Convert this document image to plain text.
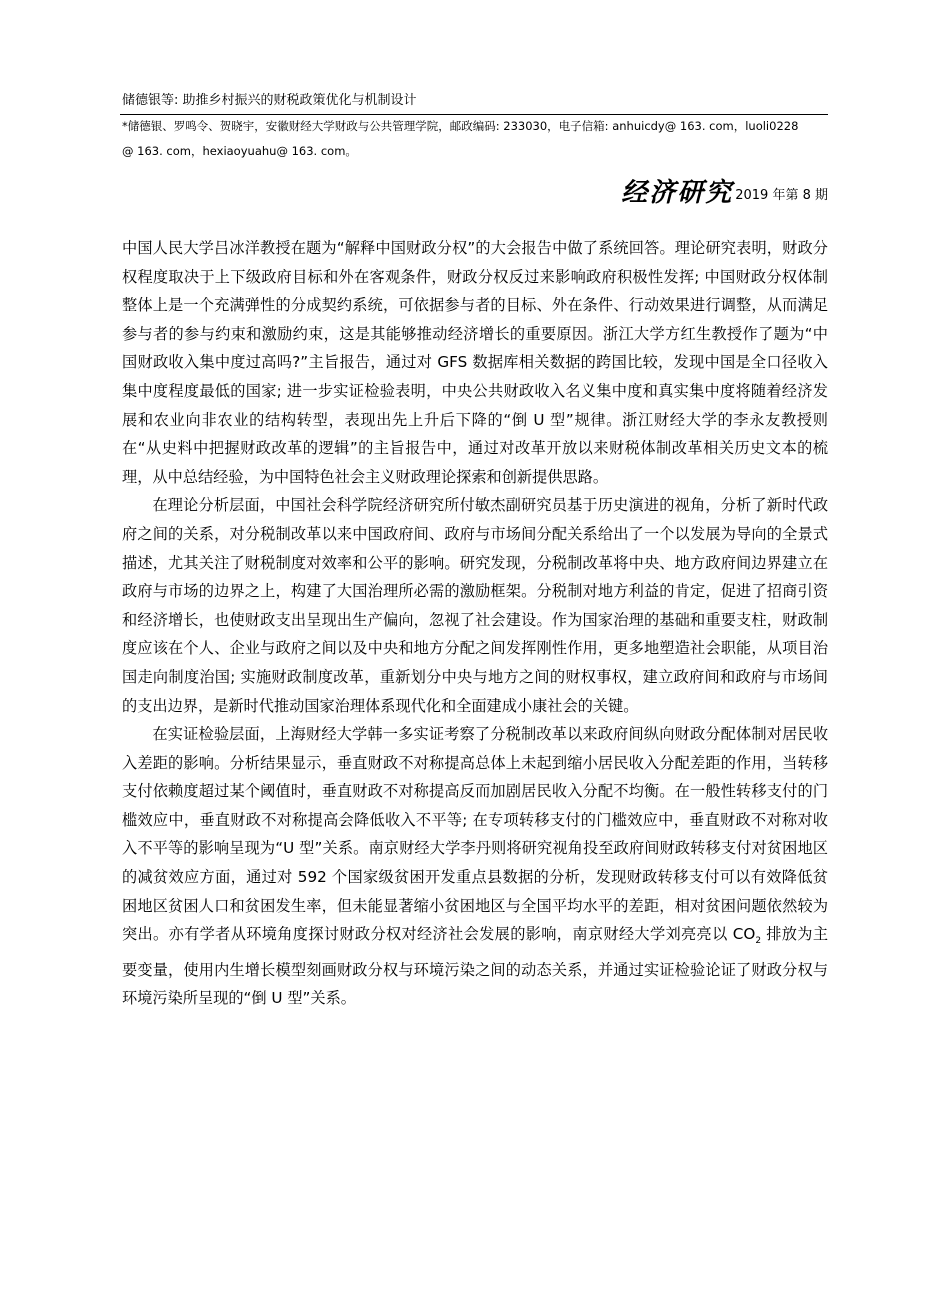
储德银等: 助推乡村振兴的财税政策优化与机制设计

*储德银、罗鸣令、贺晓宇，安徽财经大学财政与公共管理学院，邮政编码: 233030，电子信箱: anhuicdy@ 163. com，luoli0228

@ 163. com，hexiaoyuahu@ 163. com。

经济研究 2019 年第 8 期

中国人民大学吕冰洋教授在题为“解释中国财政分权”的大会报告中做了系统回答。理论研究表明，财政分权程度取决于上下级政府目标和外在客观条件，财政分权反过来影响政府积极性发挥; 中国财政分权体制整体上是一个充满弹性的分成契约系统，可依据参与者的目标、外在条件、行动效果进行调整，从而满足参与者的参与约束和激励约束，这是其能够推动经济增长的重要原因。浙江大学方红生教授作了题为“中国财政收入集中度过高吗?”主旨报告，通过对 GFS 数据库相关数据的跨国比较，发现中国是全口径收入集中度程度最低的国家; 进一步实证检验表明，中央公共财政收入名义集中度和真实集中度将随着经济发展和农业向非农业的结构转型，表现出先上升后下降的“倒 U 型”规律。浙江财经大学的李永友教授则在“从史料中把握财政改革的逻辑”的主旨报告中，通过对改革开放以来财税体制改革相关历史文本的梳理，从中总结经验，为中国特色社会主义财政理论探索和创新提供思路。

在理论分析层面，中国社会科学院经济研究所付敏杰副研究员基于历史演进的视角，分析了新时代政府之间的关系，对分税制改革以来中国政府间、政府与市场间分配关系给出了一个以发展为导向的全景式描述，尤其关注了财税制度对效率和公平的影响。研究发现，分税制改革将中央、地方政府间边界建立在政府与市场的边界之上，构建了大国治理所必需的激励框架。分税制对地方利益的肯定，促进了招商引资和经济增长，也使财政支出呈现出生产偏向，忽视了社会建设。作为国家治理的基础和重要支柱，财政制度应该在个人、企业与政府之间以及中央和地方分配之间发挥刚性作用，更多地塑造社会职能，从项目治国走向制度治国; 实施财政制度改革，重新划分中央与地方之间的财权事权，建立政府间和政府与市场间的支出边界，是新时代推动国家治理体系现代化和全面建成小康社会的关键。

在实证检验层面，上海财经大学韩一多实证考察了分税制改革以来政府间纵向财政分配体制对居民收入差距的影响。分析结果显示，垂直财政不对称提高总体上未起到缩小居民收入分配差距的作用，当转移支付依赖度超过某个阈值时，垂直财政不对称提高反而加剧居民收入分配不均衡。在一般性转移支付的门槛效应中，垂直财政不对称提高会降低收入不平等; 在专项转移支付的门槛效应中，垂直财政不对称对收入不平等的影响呈现为“U 型”关系。南京财经大学李丹则将研究视角投至政府间财政转移支付对贫困地区的减贫效应方面，通过对 592 个国家级贫困开发重点县数据的分析，发现财政转移支付可以有效降低贫困地区贫困人口和贫困发生率，但未能显著缩小贫困地区与全国平均水平的差距，相对贫困问题依然较为突出。亦有学者从环境角度探讨财政分权对经济社会发展的影响，南京财经大学刘亮亮以 $CO_2$ 排放为主要变量，使用内生增长模型刻画财政分权与环境污染之间的动态关系，并通过实证检验论证了财政分权与环境污染所呈现的“倒 U 型”关系。
